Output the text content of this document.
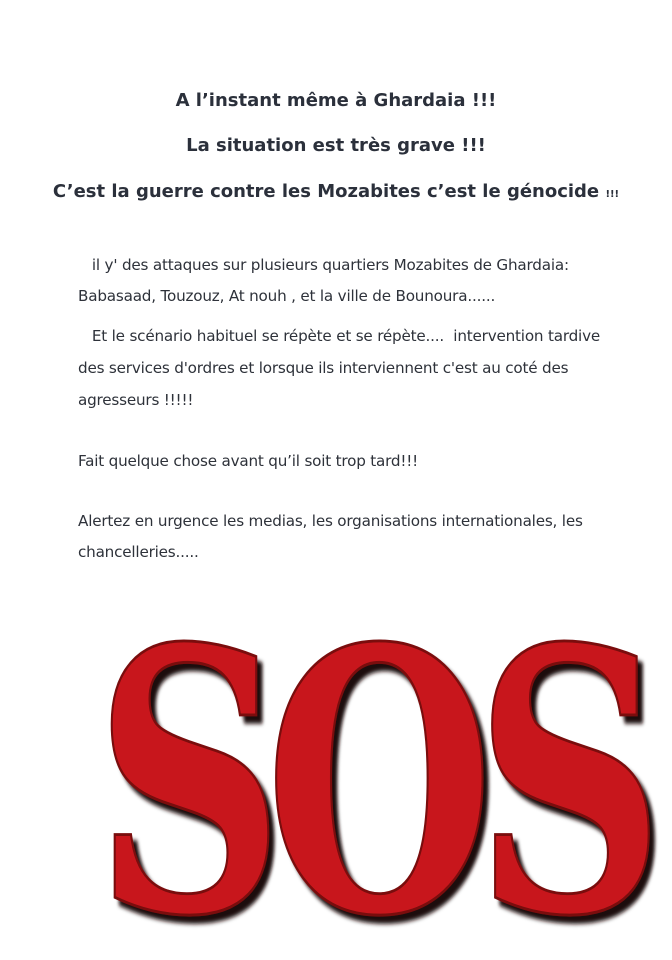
A l’instant même à Ghardaia !!!
La situation est très grave !!!
C’est la guerre contre les Mozabites c’est le génocide !!!
il y' des attaques sur plusieurs quartiers Mozabites de Ghardaia:
Babasaad, Touzouz, At nouh , et la ville de Bounoura......
Et le scénario habituel se répète et se répète....  intervention tardive
des services d'ordres et lorsque ils interviennent c'est au coté des
agresseurs !!!!!
Fait quelque chose avant qu’il soit trop tard!!!
Alertez en urgence les medias, les organisations internationales, les
chancelleries.....
SOS
